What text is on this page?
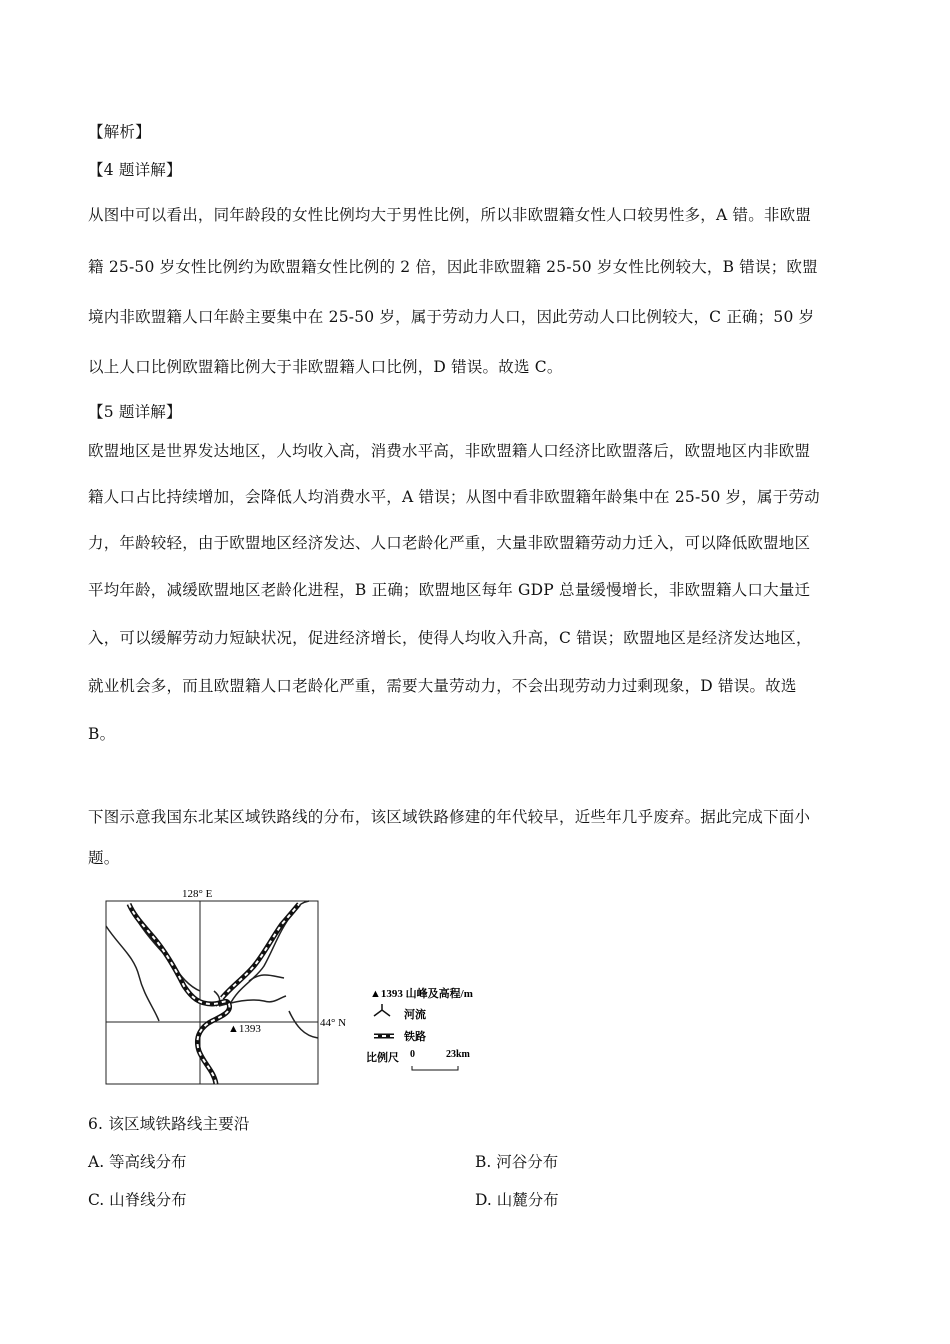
【解析】
【4 题详解】
从图中可以看出，同年龄段的女性比例均大于男性比例，所以非欧盟籍女性人口较男性多，A 错。非欧盟
籍 25-50 岁女性比例约为欧盟籍女性比例的 2 倍，因此非欧盟籍 25-50 岁女性比例较大，B 错误；欧盟
境内非欧盟籍人口年龄主要集中在 25-50 岁，属于劳动力人口，因此劳动人口比例较大，C 正确；50 岁
以上人口比例欧盟籍比例大于非欧盟籍人口比例，D 错误。故选 C。
【5 题详解】
欧盟地区是世界发达地区，人均收入高，消费水平高，非欧盟籍人口经济比欧盟落后，欧盟地区内非欧盟
籍人口占比持续增加，会降低人均消费水平，A 错误；从图中看非欧盟籍年龄集中在 25-50 岁，属于劳动
力，年龄较轻，由于欧盟地区经济发达、人口老龄化严重，大量非欧盟籍劳动力迁入，可以降低欧盟地区
平均年龄，减缓欧盟地区老龄化进程，B 正确；欧盟地区每年 GDP 总量缓慢增长，非欧盟籍人口大量迁
入，可以缓解劳动力短缺状况，促进经济增长，使得人均收入升高，C 错误；欧盟地区是经济发达地区，
就业机会多，而且欧盟籍人口老龄化严重，需要大量劳动力，不会出现劳动力过剩现象，D 错误。故选
B。
下图示意我国东北某区域铁路线的分布，该区域铁路修建的年代较早，近些年几乎废弃。据此完成下面小
题。
128° E
44° N
▲1393
▲1393 山峰及高程/m
河流
铁路
比例尺 0	23km
6. 该区域铁路线主要沿
A. 等高线分布	B. 河谷分布
C. 山脊线分布	D. 山麓分布
